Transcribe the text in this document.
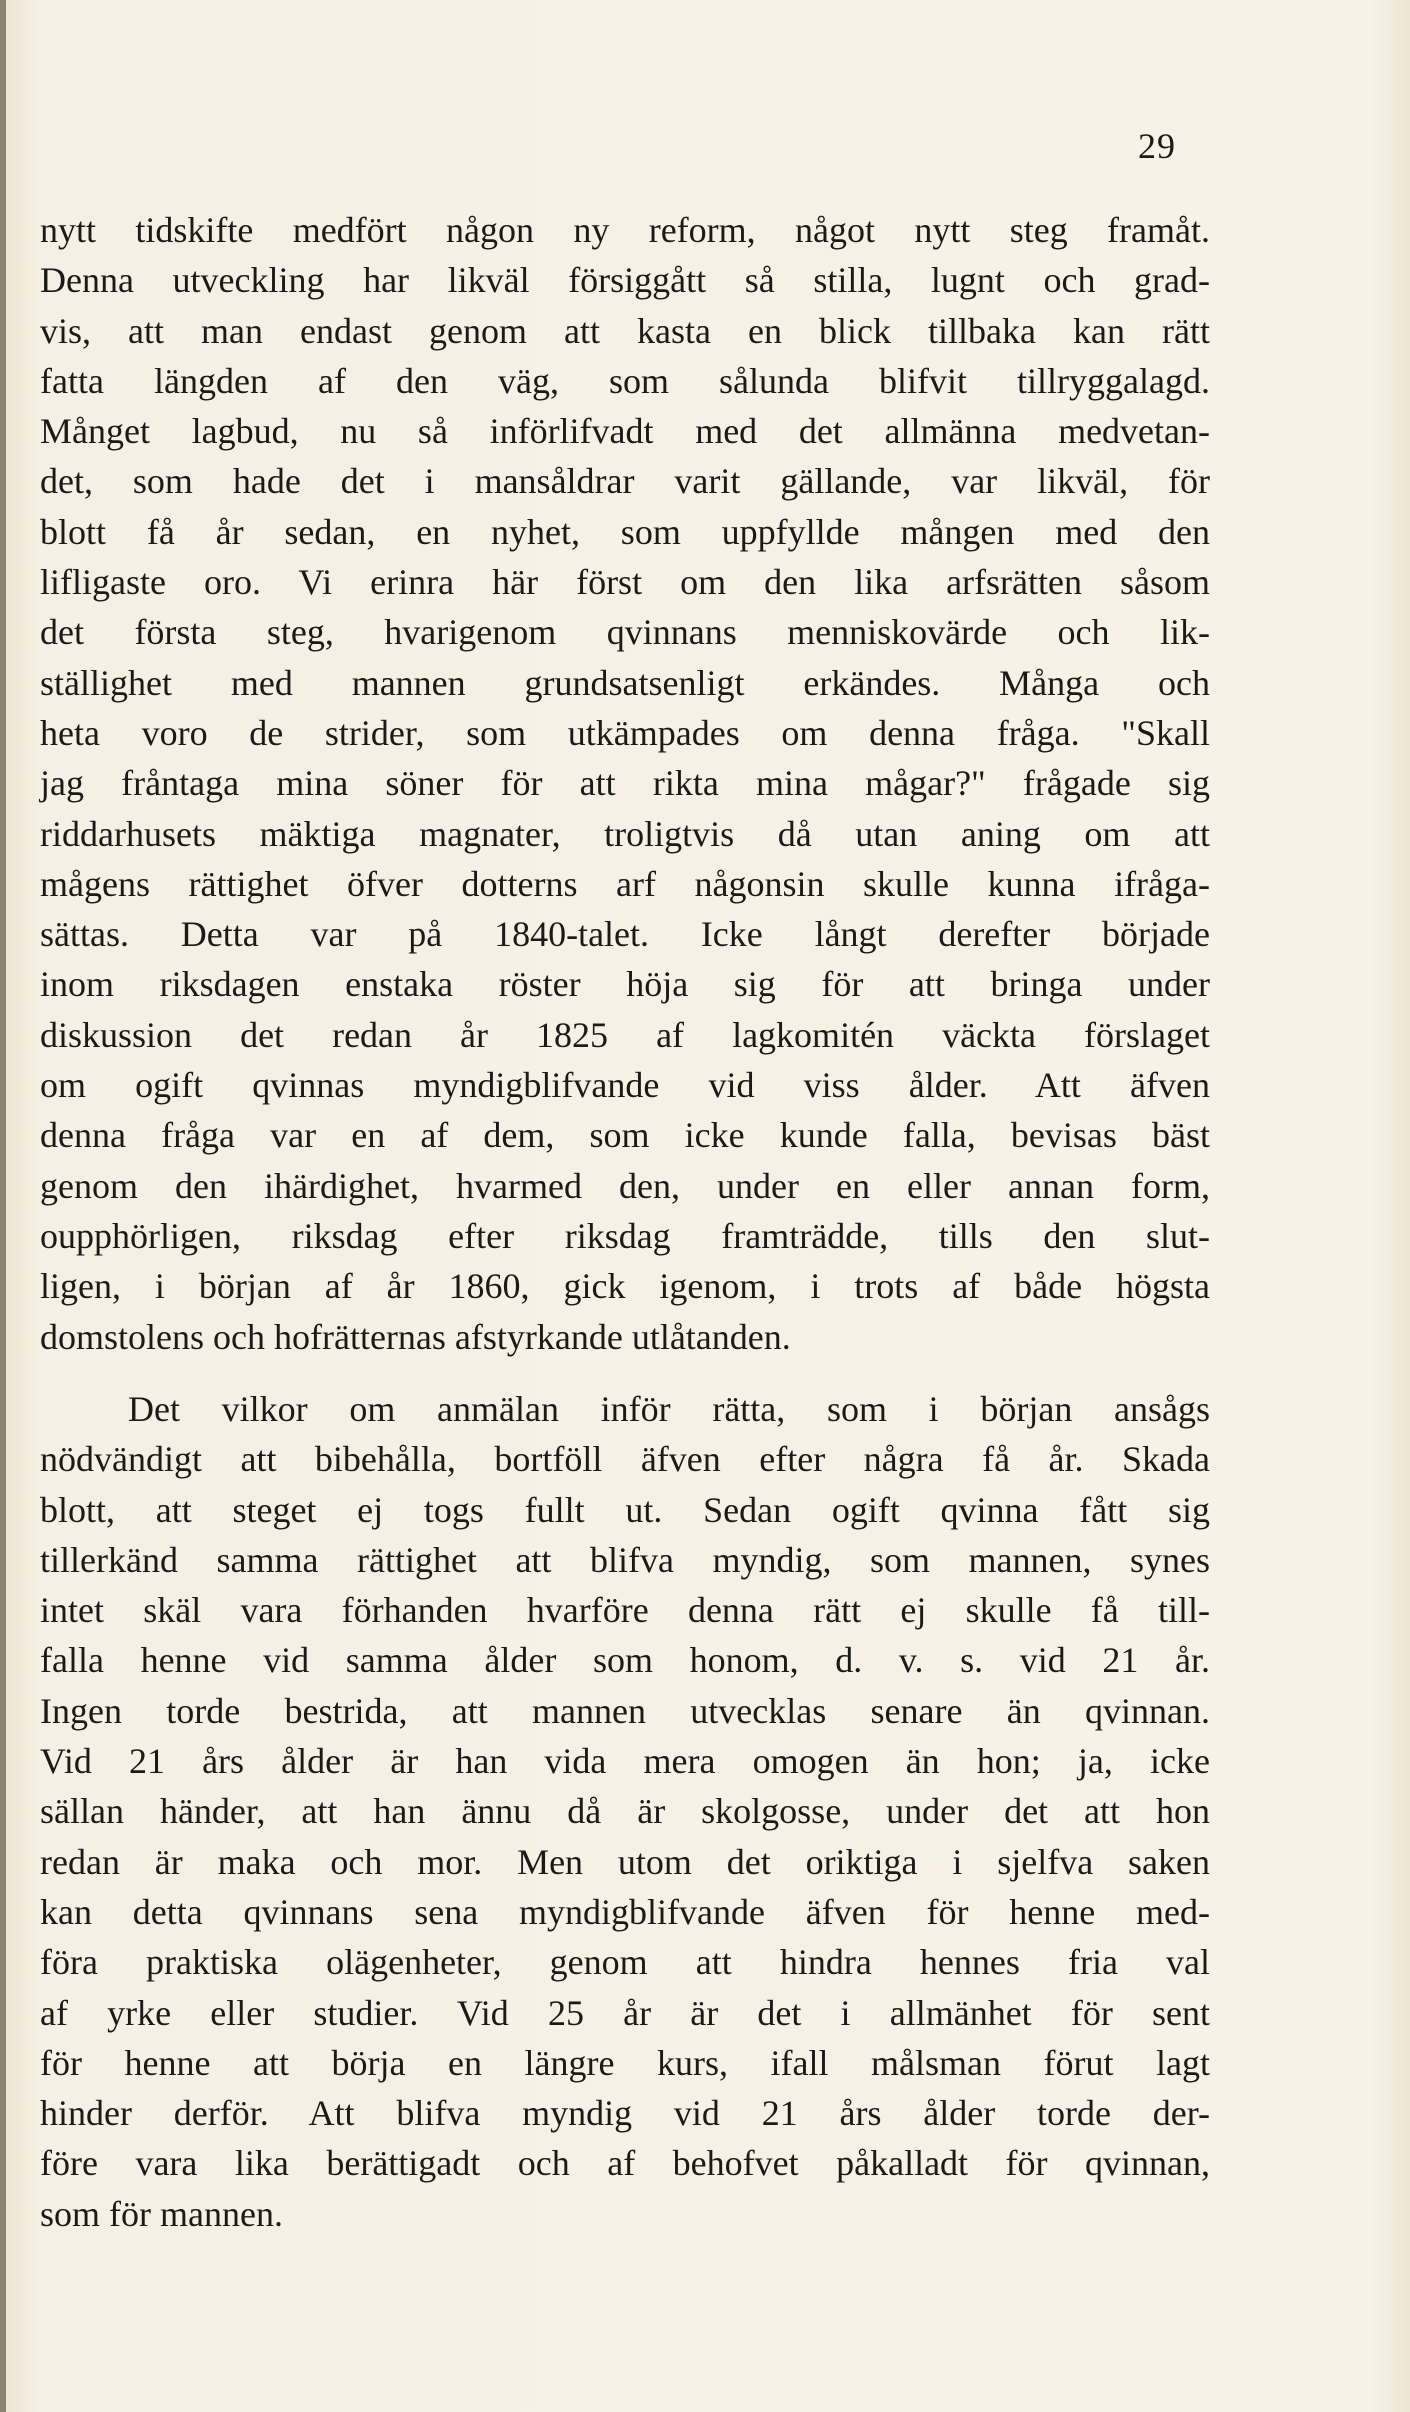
29
nytt tidskifte medfört någon ny reform, något nytt steg framåt.
Denna utveckling har likväl försiggått så stilla, lugnt och grad-
vis, att man endast genom att kasta en blick tillbaka kan rätt
fatta längden af den väg, som sålunda blifvit tillryggalagd.
Månget lagbud, nu så införlifvadt med det allmänna medvetan-
det, som hade det i mansåldrar varit gällande, var likväl, för
blott få år sedan, en nyhet, som uppfyllde mången med den
lifligaste oro. Vi erinra här först om den lika arfsrätten såsom
det första steg, hvarigenom qvinnans menniskovärde och lik-
ställighet med mannen grundsatsenligt erkändes. Många och
heta voro de strider, som utkämpades om denna fråga. "Skall
jag fråntaga mina söner för att rikta mina mågar?" frågade sig
riddarhusets mäktiga magnater, troligtvis då utan aning om att
mågens rättighet öfver dotterns arf någonsin skulle kunna ifråga-
sättas. Detta var på 1840-talet. Icke långt derefter började
inom riksdagen enstaka röster höja sig för att bringa under
diskussion det redan år 1825 af lagkomitén väckta förslaget
om ogift qvinnas myndigblifvande vid viss ålder. Att äfven
denna fråga var en af dem, som icke kunde falla, bevisas bäst
genom den ihärdighet, hvarmed den, under en eller annan form,
oupphörligen, riksdag efter riksdag framträdde, tills den slut-
ligen, i början af år 1860, gick igenom, i trots af både högsta
domstolens och hofrätternas afstyrkande utlåtanden.
Det vilkor om anmälan inför rätta, som i början ansågs
nödvändigt att bibehålla, bortföll äfven efter några få år. Skada
blott, att steget ej togs fullt ut. Sedan ogift qvinna fått sig
tillerkänd samma rättighet att blifva myndig, som mannen, synes
intet skäl vara förhanden hvarföre denna rätt ej skulle få till-
falla henne vid samma ålder som honom, d. v. s. vid 21 år.
Ingen torde bestrida, att mannen utvecklas senare än qvinnan.
Vid 21 års ålder är han vida mera omogen än hon; ja, icke
sällan händer, att han ännu då är skolgosse, under det att hon
redan är maka och mor. Men utom det oriktiga i sjelfva saken
kan detta qvinnans sena myndigblifvande äfven för henne med-
föra praktiska olägenheter, genom att hindra hennes fria val
af yrke eller studier. Vid 25 år är det i allmänhet för sent
för henne att börja en längre kurs, ifall målsman förut lagt
hinder derför. Att blifva myndig vid 21 års ålder torde der-
före vara lika berättigadt och af behofvet påkalladt för qvinnan,
som för mannen.
